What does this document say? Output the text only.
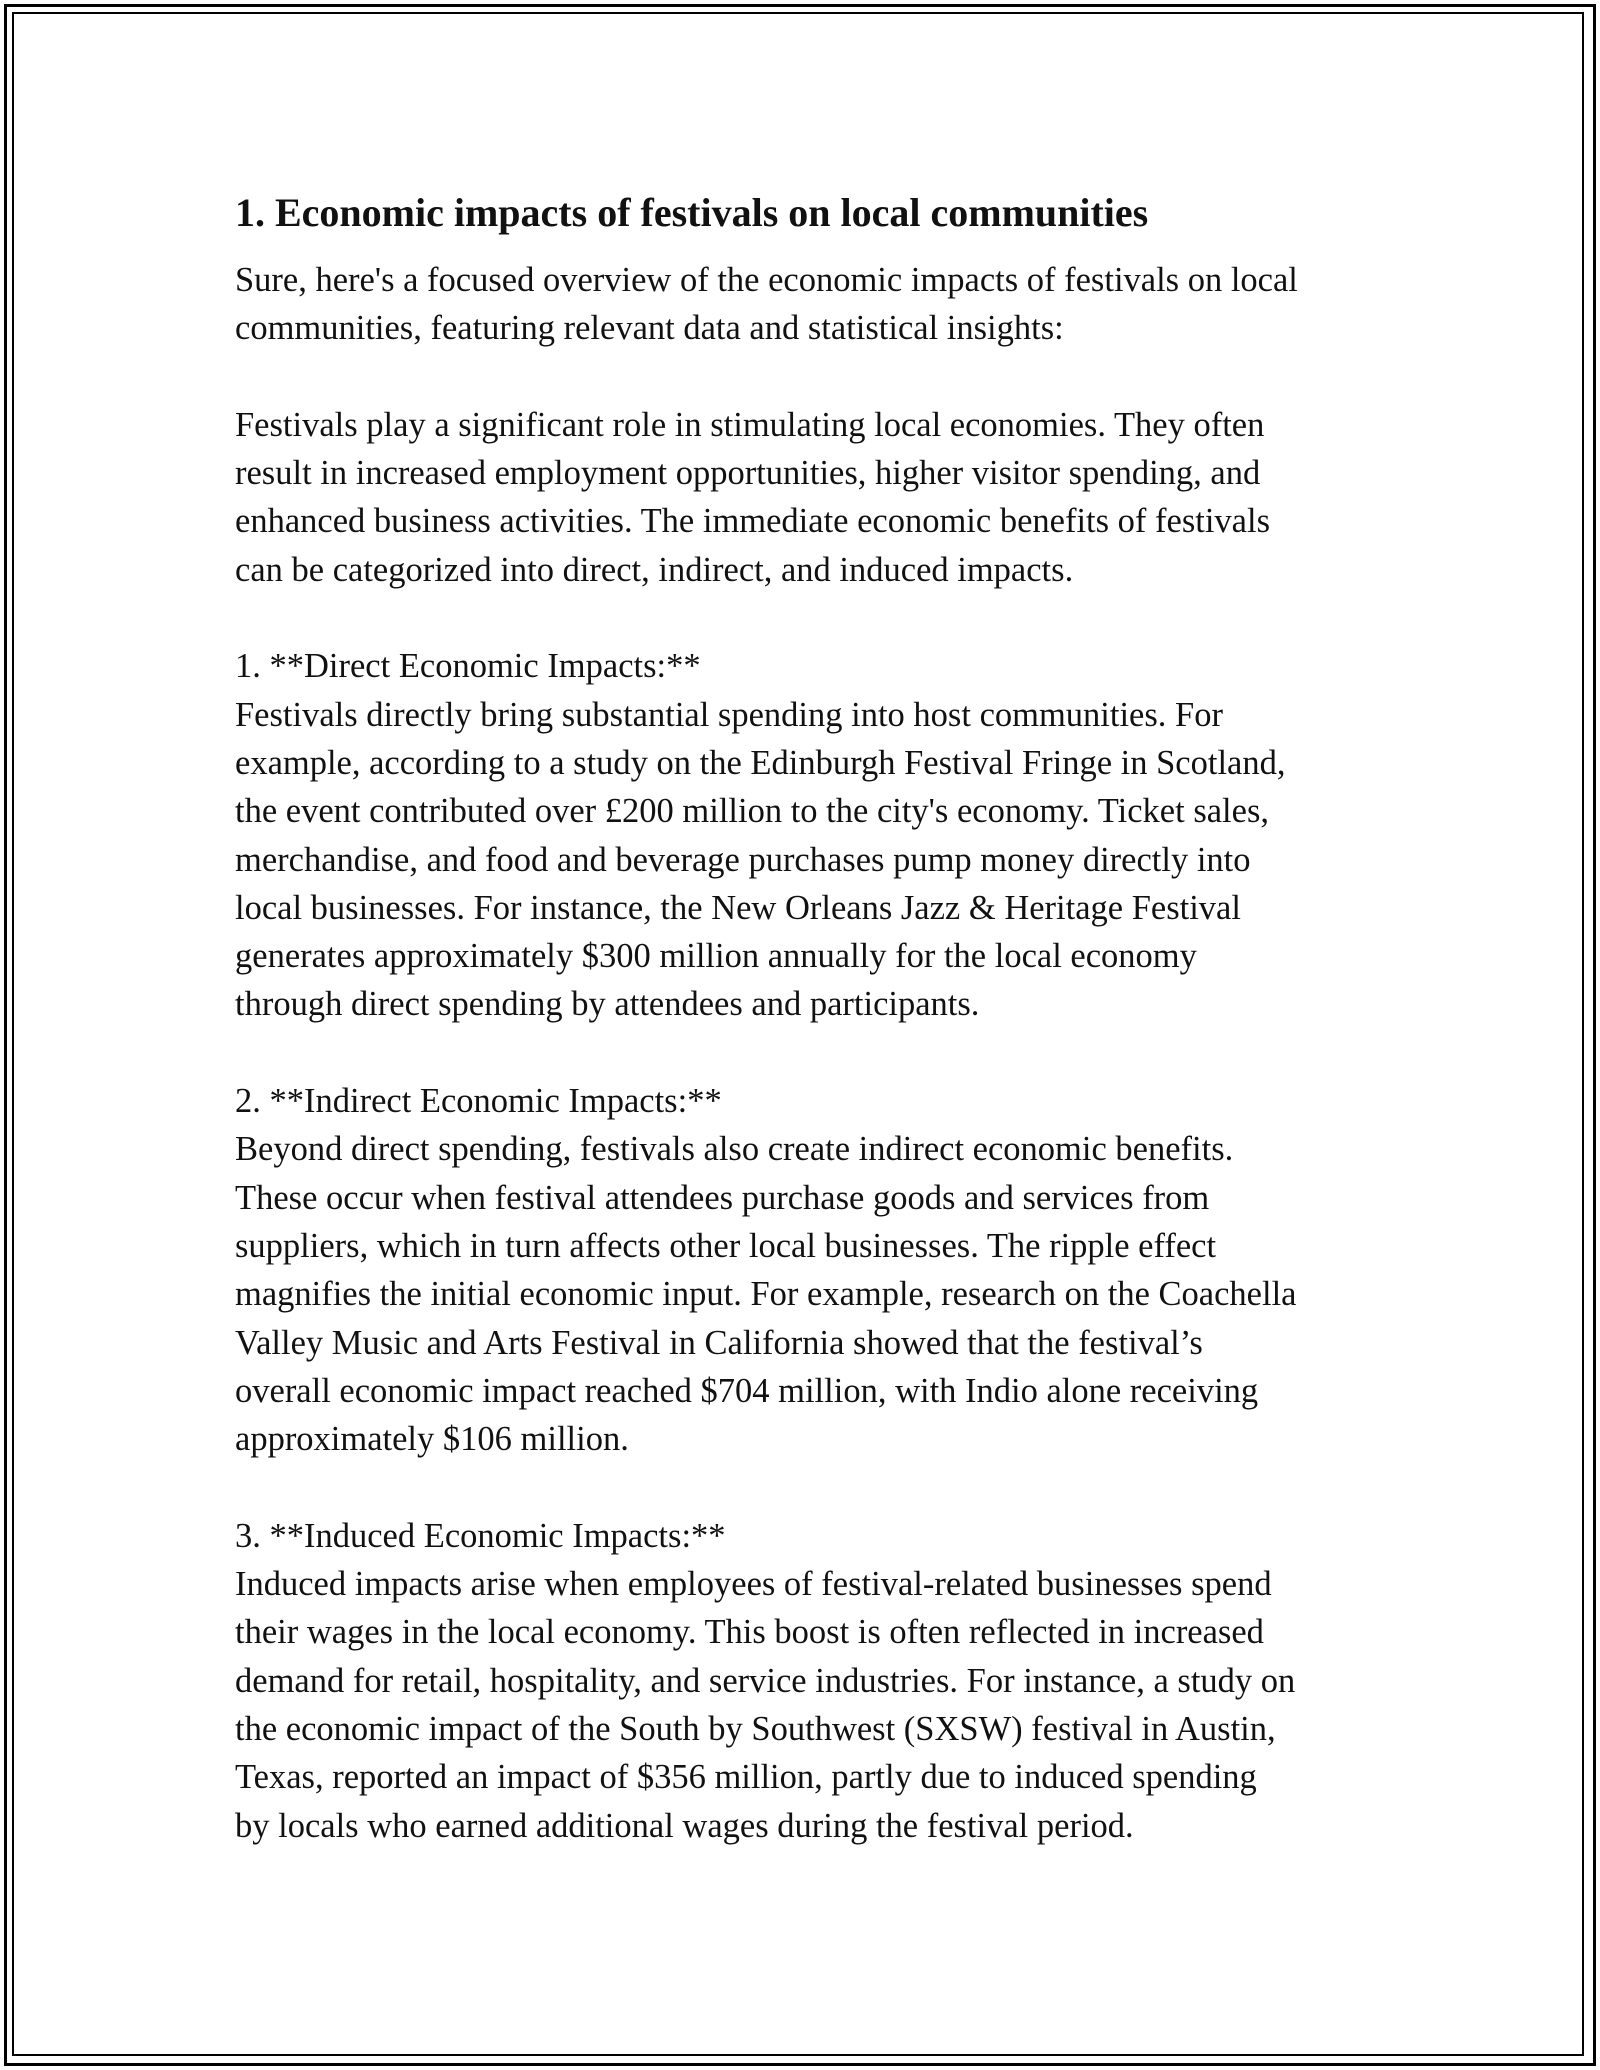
1. Economic impacts of festivals on local communities

Sure, here's a focused overview of the economic impacts of festivals on local
communities, featuring relevant data and statistical insights:

Festivals play a significant role in stimulating local economies. They often
result in increased employment opportunities, higher visitor spending, and
enhanced business activities. The immediate economic benefits of festivals
can be categorized into direct, indirect, and induced impacts.

1. **Direct Economic Impacts:**

Festivals directly bring substantial spending into host communities. For
example, according to a study on the Edinburgh Festival Fringe in Scotland,
the event contributed over £200 million to the city's economy. Ticket sales,
merchandise, and food and beverage purchases pump money directly into
local businesses. For instance, the New Orleans Jazz & Heritage Festival
generates approximately $300 million annually for the local economy
through direct spending by attendees and participants.

2. **Indirect Economic Impacts:**

Beyond direct spending, festivals also create indirect economic benefits.
These occur when festival attendees purchase goods and services from
suppliers, which in turn affects other local businesses. The ripple effect
magnifies the initial economic input. For example, research on the Coachella
Valley Music and Arts Festival in California showed that the festival’s
overall economic impact reached $704 million, with Indio alone receiving
approximately $106 million.

3. **Induced Economic Impacts:**

Induced impacts arise when employees of festival-related businesses spend
their wages in the local economy. This boost is often reflected in increased
demand for retail, hospitality, and service industries. For instance, a study on
the economic impact of the South by Southwest (SXSW) festival in Austin,
Texas, reported an impact of $356 million, partly due to induced spending
by locals who earned additional wages during the festival period.
